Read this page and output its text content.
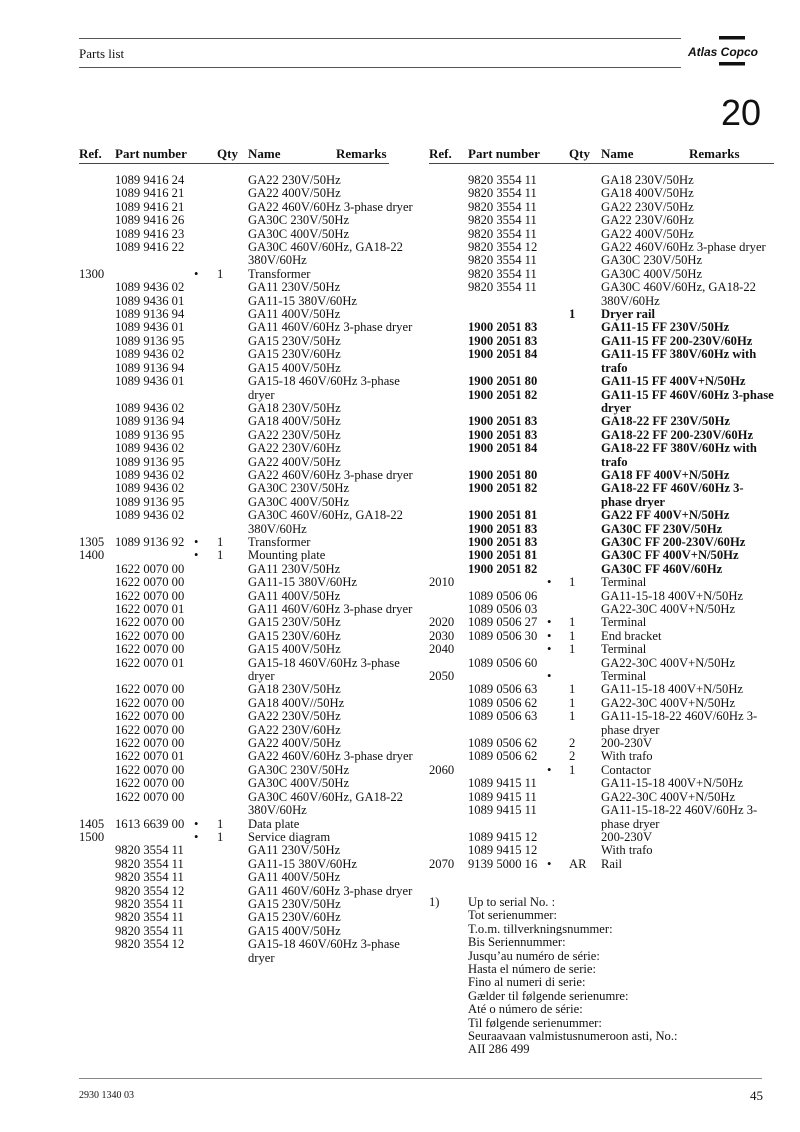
Parts list	Atlas Copco
20
Ref. Part number Qty Name	Remarks	Ref. Part number Qty Name	Remarks
1089 9416 24	GA22 230V/50Hz
1089 9416 21	GA22 400V/50Hz
1089 9416 21	GA22 460V/60Hz 3-phase dryer
1089 9416 26	GA30C 230V/50Hz
1089 9416 23	GA30C 400V/50Hz
1089 9416 22	GA30C 460V/60Hz, GA18-22 380V/60Hz
1300	• 1 Transformer
1089 9436 02	GA11 230V/50Hz
1089 9436 01	GA11-15 380V/60Hz
1089 9136 94	GA11 400V/50Hz
1089 9436 01	GA11 460V/60Hz 3-phase dryer
1089 9136 95	GA15 230V/50Hz
1089 9436 02	GA15 230V/60Hz
1089 9136 94	GA15 400V/50Hz
1089 9436 01	GA15-18 460V/60Hz 3-phase dryer
1089 9436 02	GA18 230V/50Hz
1089 9136 94	GA18 400V/50Hz
1089 9136 95	GA22 230V/50Hz
1089 9436 02	GA22 230V/60Hz
1089 9136 95	GA22 400V/50Hz
1089 9436 02	GA22 460V/60Hz 3-phase dryer
1089 9436 02	GA30C 230V/50Hz
1089 9136 95	GA30C 400V/50Hz
1089 9436 02	GA30C 460V/60Hz, GA18-22 380V/60Hz
1305 1089 9136 92 • 1 Transformer
1400	• 1 Mounting plate
1622 0070 00	GA11 230V/50Hz
1622 0070 00	GA11-15 380V/60Hz
1622 0070 00	GA11 400V/50Hz
1622 0070 01	GA11 460V/60Hz 3-phase dryer
1622 0070 00	GA15 230V/50Hz
1622 0070 00	GA15 230V/60Hz
1622 0070 00	GA15 400V/50Hz
1622 0070 01	GA15-18 460V/60Hz 3-phase dryer
1622 0070 00	GA18 230V/50Hz
1622 0070 00	GA18 400V//50Hz
1622 0070 00	GA22 230V/50Hz
1622 0070 00	GA22 230V/60Hz
1622 0070 00	GA22 400V/50Hz
1622 0070 01	GA22 460V/60Hz 3-phase dryer
1622 0070 00	GA30C 230V/50Hz
1622 0070 00	GA30C 400V/50Hz
1622 0070 00	GA30C 460V/60Hz, GA18-22 380V/60Hz
1405 1613 6639 00 • 1 Data plate
1500	• 1 Service diagram
9820 3554 11	GA11 230V/50Hz
9820 3554 11	GA11-15 380V/60Hz
9820 3554 11	GA11 400V/50Hz
9820 3554 12	GA11 460V/60Hz 3-phase dryer
9820 3554 11	GA15 230V/50Hz
9820 3554 11	GA15 230V/60Hz
9820 3554 11	GA15 400V/50Hz
9820 3554 12	GA15-18 460V/60Hz 3-phase dryer
9820 3554 11	GA18 230V/50Hz
9820 3554 11	GA18 400V/50Hz
9820 3554 11	GA22 230V/50Hz
9820 3554 11	GA22 230V/60Hz
9820 3554 11	GA22 400V/50Hz
9820 3554 12	GA22 460V/60Hz 3-phase dryer
9820 3554 11	GA30C 230V/50Hz
9820 3554 11	GA30C 400V/50Hz
9820 3554 11	GA30C 460V/60Hz, GA18-22 380V/60Hz
1 Dryer rail
1900 2051 83	GA11-15 FF 230V/50Hz
1900 2051 83	GA11-15 FF 200-230V/60Hz
1900 2051 84	GA11-15 FF 380V/60Hz with trafo
1900 2051 80	GA11-15 FF 400V+N/50Hz
1900 2051 82	GA11-15 FF 460V/60Hz 3-phase dryer
1900 2051 83	GA18-22 FF 230V/50Hz
1900 2051 83	GA18-22 FF 200-230V/60Hz
1900 2051 84	GA18-22 FF 380V/60Hz with trafo
1900 2051 80	GA18 FF 400V+N/50Hz
1900 2051 82	GA18-22 FF 460V/60Hz 3-phase dryer
1900 2051 81	GA22 FF 400V+N/50Hz
1900 2051 83	GA30C FF 230V/50Hz
1900 2051 83	GA30C FF 200-230V/60Hz
1900 2051 81	GA30C FF 400V+N/50Hz
1900 2051 82	GA30C FF 460V/60Hz
2010	• 1 Terminal
1089 0506 06	GA11-15-18 400V+N/50Hz
1089 0506 03	GA22-30C 400V+N/50Hz
2020 1089 0506 27 • 1 Terminal
2030 1089 0506 30 • 1 End bracket
2040	• 1 Terminal
1089 0506 60	GA22-30C 400V+N/50Hz
2050	•	Terminal
1089 0506 63	1 GA11-15-18 400V+N/50Hz
1089 0506 62	1 GA22-30C 400V+N/50Hz
1089 0506 63	1 GA11-15-18-22 460V/60Hz 3-phase dryer
1089 0506 62	2 200-230V
1089 0506 62	2 With trafo
2060	• 1 Contactor
1089 9415 11	GA11-15-18 400V+N/50Hz
1089 9415 11	GA22-30C 400V+N/50Hz
1089 9415 11	GA11-15-18-22 460V/60Hz 3-phase dryer
1089 9415 12	200-230V
1089 9415 12	With trafo
2070 9139 5000 16 • AR Rail
1) Up to serial No. :
Tot serienummer:
T.o.m. tillverkningsnummer:
Bis Seriennummer:
Jusqu’au numéro de série:
Hasta el número de serie:
Fino al numeri di serie:
Gælder til følgende serienumre:
Até o número de série:
Til følgende serienummer:
Seuraavaan valmistusnumeroon asti, No.:
AII 286 499
2930 1340 03	45
